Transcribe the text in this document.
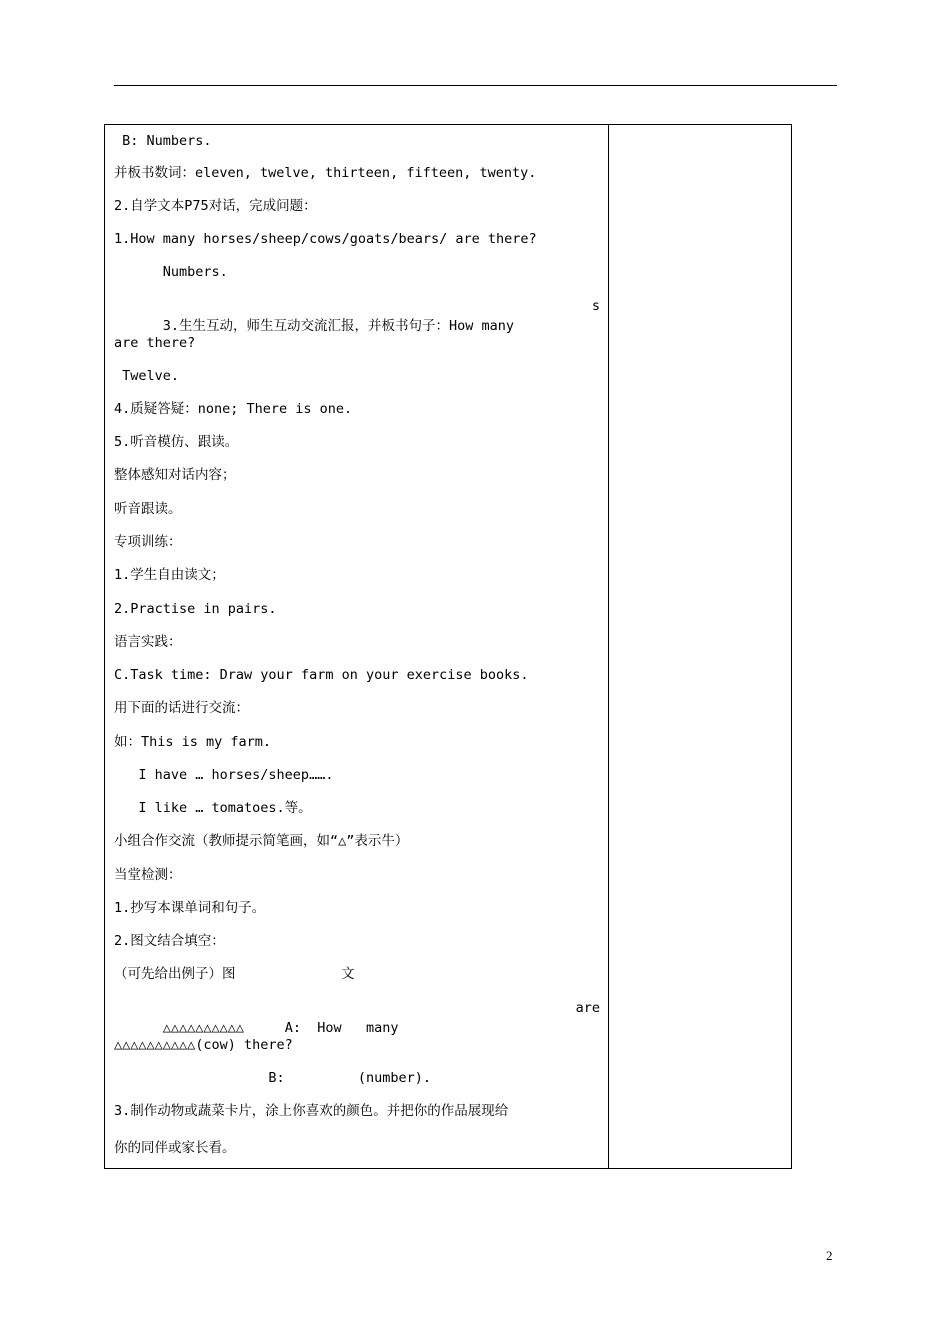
B: Numbers.
并板书数词：eleven, twelve, thirteen, fifteen, twenty.
2.自学文本P75对话，完成问题：
1.How many horses/sheep/cows/goats/bears/ are there?
Numbers.

3.生生互动，师生互动交流汇报，并板书句子：How many

s

are there?
Twelve.
4.质疑答疑：none; There is one.
5.听音模仿、跟读。
整体感知对话内容；
听音跟读。
专项训练：
1.学生自由读文；
2.Practise in pairs.
语言实践：
C.Task time: Draw your farm on your exercise books.
用下面的话进行交流：
如：This is my farm.
I have … horses/sheep…….
I like … tomatoes.等。
小组合作交流（教师提示简笔画，如“△”表示牛）
当堂检测：
1.抄写本课单词和句子。
2.图文结合填空：
（可先给出例子）图             文

△△△△△△△△△△     A:  How   many

are

△△△△△△△△△△(cow) there?
B:         (number).
3.制作动物或蔬菜卡片，涂上你喜欢的颜色。并把你的作品展现给
你的同伴或家长看。
2
